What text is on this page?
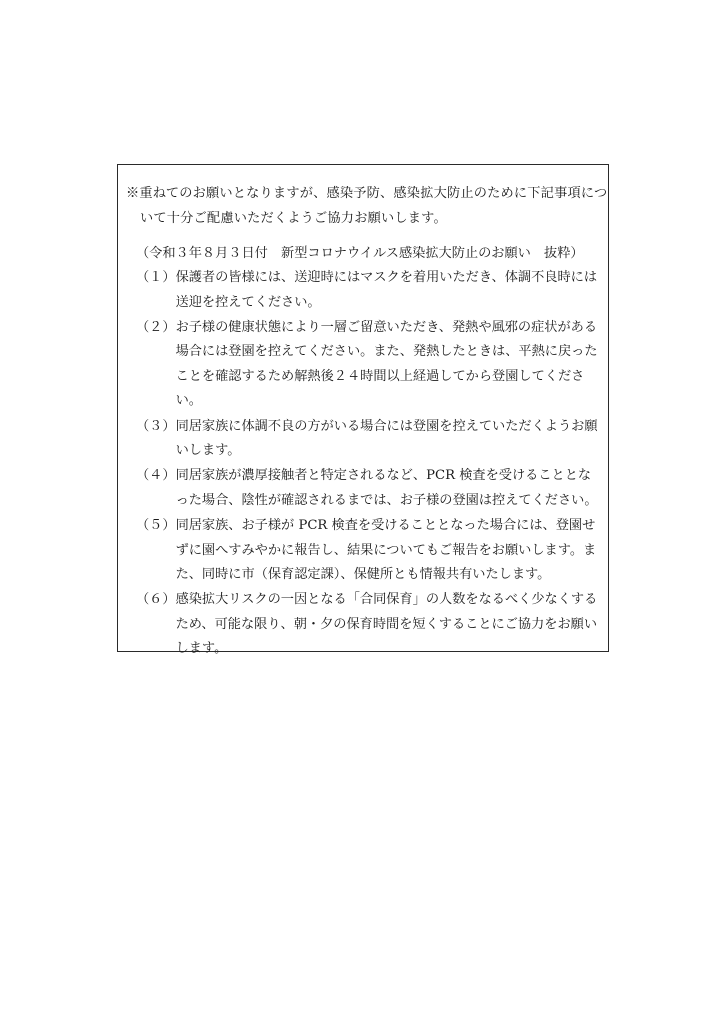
※重ねてのお願いとなりますが、感染予防、感染拡大防止のために下記事項について十分ご配慮いただくようご協力お願いします。
（令和３年８月３日付　新型コロナウイルス感染拡大防止のお願い　抜粋）
（１） 保護者の皆様には、送迎時にはマスクを着用いただき、体調不良時には送迎を控えてください。
（２） お子様の健康状態により一層ご留意いただき、発熱や風邪の症状がある場合には登園を控えてください。また、発熱したときは、平熱に戻ったことを確認するため解熱後２４時間以上経過してから登園してください。
（３） 同居家族に体調不良の方がいる場合には登園を控えていただくようお願いします。
（４） 同居家族が濃厚接触者と特定されるなど、PCR 検査を受けることとなった場合、陰性が確認されるまでは、お子様の登園は控えてください。
（５） 同居家族、お子様が PCR 検査を受けることとなった場合には、登園せずに園へすみやかに報告し、結果についてもご報告をお願いします。また、同時に市（保育認定課）、保健所とも情報共有いたします。
（６） 感染拡大リスクの一因となる「合同保育」の人数をなるべく少なくするため、可能な限り、朝・夕の保育時間を短くすることにご協力をお願いします。
